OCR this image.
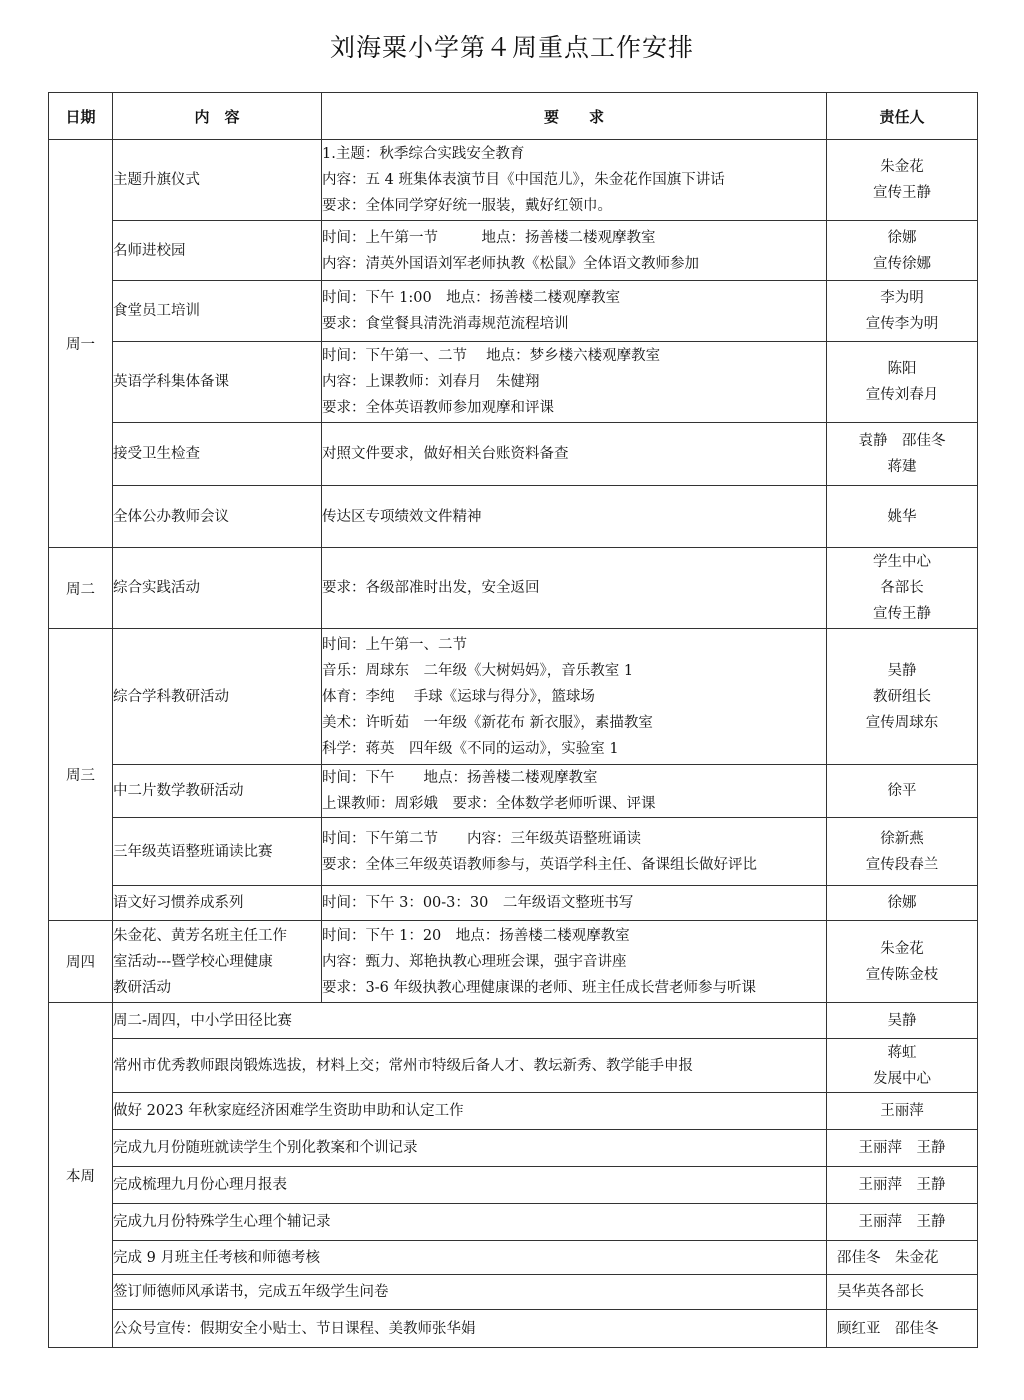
刘海粟小学第４周重点工作安排
日期	内　容	要　　求	责任人
周一	主题升旗仪式	1.主题：秋季综合实践安全教育
内容：五 4 班集体表演节目《中国范儿》，朱金花作国旗下讲话
要求：全体同学穿好统一服装，戴好红领巾。	朱金花
宣传王静

	名师进校园	时间：上午第一节　　　地点：扬善楼二楼观摩教室
内容：清英外国语刘军老师执教《松鼠》全体语文教师参加	徐娜
宣传徐娜

	食堂员工培训	时间：下午 1:00　地点：扬善楼二楼观摩教室
要求：食堂餐具清洗消毒规范流程培训	李为明
宣传李为明

	英语学科集体备课	时间：下午第一、二节　 地点：梦乡楼六楼观摩教室
内容：上课教师：刘春月　朱健翔
要求：全体英语教师参加观摩和评课	陈阳
宣传刘春月

	接受卫生检查	对照文件要求，做好相关台账资料备查	袁静　邵佳冬
蒋建

	全体公办教师会议	传达区专项绩效文件精神	姚华

周二	综合实践活动	要求：各级部准时出发，安全返回	学生中心
各部长
宣传王静

周三	综合学科教研活动	时间：上午第一、二节
音乐：周球东　二年级《大树妈妈》，音乐教室 1
体育：李纯　 手球《运球与得分》，篮球场
美术：许昕茹　一年级《新花布 新衣服》，素描教室
科学：蒋英　四年级《不同的运动》，实验室 1	吴静
教研组长
宣传周球东

	中二片数学教研活动	时间：下午　　地点：扬善楼二楼观摩教室
上课教师：周彩娥　要求：全体数学老师听课、评课	徐平

	三年级英语整班诵读比赛	时间：下午第二节　　内容：三年级英语整班诵读
要求：全体三年级英语教师参与，英语学科主任、备课组长做好评比	徐新燕
宣传段春兰

	语文好习惯养成系列	时间：下午 3：00-3：30　二年级语文整班书写	徐娜

周四	朱金花、黄芳名班主任工作
室活动---暨学校心理健康
教研活动	时间：下午 1：20　地点：扬善楼二楼观摩教室
内容：甄力、郑艳执教心理班会课，强宇音讲座
要求：3-6 年级执教心理健康课的老师、班主任成长营老师参与听课	朱金花
宣传陈金枝

本周	周二-周四，中小学田径比赛		吴静

	常州市优秀教师跟岗锻炼选拔，材料上交；常州市特级后备人才、教坛新秀、教学能手申报		蒋虹
发展中心

	做好 2023 年秋家庭经济困难学生资助申助和认定工作		王丽萍

	完成九月份随班就读学生个别化教案和个训记录		王丽萍　王静

	完成梳理九月份心理月报表		王丽萍　王静

	完成九月份特殊学生心理个辅记录		王丽萍　王静

	完成 9 月班主任考核和师德考核		邵佳冬　朱金花

	签订师德师风承诺书，完成五年级学生问卷		吴华英各部长

	公众号宣传：假期安全小贴士、节日课程、美教师张华娟		顾红亚　邵佳冬
